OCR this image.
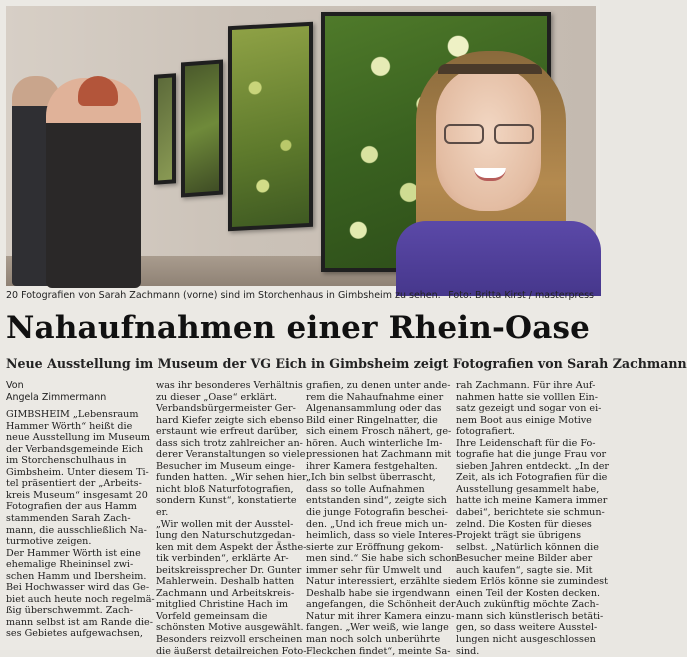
20 Fotografien von Sarah Zachmann (vorne) sind im Storchenhaus in Gimbsheim zu sehen. Foto: Britta Kirst / masterpress
Nahaufnahmen einer Rhein-Oase
Neue Ausstellung im Museum der VG Eich in Gimbsheim zeigt Fotografien von Sarah Zachmann
Von
Angela Zimmermann
GIMBSHEIM „Lebensraum
Hammer Wörth“ heißt die
neue Ausstellung im Museum
der Verbandsgemeinde Eich
im Storchenschulhaus in
Gimbsheim. Unter diesem Ti-
tel präsentiert der „Arbeits-
kreis Museum“ insgesamt 20
Fotografien der aus Hamm
stammenden Sarah Zach-
mann, die ausschließlich Na-
turmotive zeigen.
Der Hammer Wörth ist eine
ehemalige Rheininsel zwi-
schen Hamm und Ibersheim.
Bei Hochwasser wird das Ge-
biet auch heute noch regelmä-
ßig überschwemmt. Zach-
mann selbst ist am Rande die-
ses Gebietes aufgewachsen,
was ihr besonderes Verhältnis
zu dieser „Oase“ erklärt.
Verbandsbürgermeister Ger-
hard Kiefer zeigte sich ebenso
erstaunt wie erfreut darüber,
dass sich trotz zahlreicher an-
derer Veranstaltungen so viele
Besucher im Museum einge-
funden hatten. „Wir sehen hier
nicht bloß Naturfotografien,
sondern Kunst“, konstatierte
er.
„Wir wollen mit der Ausstel-
lung den Naturschutzgedan-
ken mit dem Aspekt der Ästhe-
tik verbinden“, erklärte Ar-
beitskreissprecher Dr. Gunter
Mahlerwein. Deshalb hatten
Zachmann und Arbeitskreis-
mitglied Christine Hach im
Vorfeld gemeinsam die
schönsten Motive ausgewählt.
Besonders reizvoll erscheinen
die äußerst detailreichen Foto-
grafien, zu denen unter ande-
rem die Nahaufnahme einer
Algenansammlung oder das
Bild einer Ringelnatter, die
sich einem Frosch nähert, ge-
hören. Auch winterliche Im-
pressionen hat Zachmann mit
ihrer Kamera festgehalten.
„Ich bin selbst überrascht,
dass so tolle Aufnahmen
entstanden sind“, zeigte sich
die junge Fotografin beschei-
den. „Und ich freue mich un-
heimlich, dass so viele Interes-
sierte zur Eröffnung gekom-
men sind.“ Sie habe sich schon
immer sehr für Umwelt und
Natur interessiert, erzählte sie.
Deshalb habe sie irgendwann
angefangen, die Schönheit der
Natur mit ihrer Kamera einzu-
fangen. „Wer weiß, wie lange
man noch solch unberührte
Fleckchen findet“, meinte Sa-
rah Zachmann. Für ihre Auf-
nahmen hatte sie volllen Ein-
satz gezeigt und sogar von ei-
nem Boot aus einige Motive
fotografiert.
Ihre Leidenschaft für die Fo-
tografie hat die junge Frau vor
sieben Jahren entdeckt. „In der
Zeit, als ich Fotografien für die
Ausstellung gesammelt habe,
hatte ich meine Kamera immer
dabei“, berichtete sie schmun-
zelnd. Die Kosten für dieses
Projekt trägt sie übrigens
selbst. „Natürlich können die
Besucher meine Bilder aber
auch kaufen“, sagte sie. Mit
dem Erlös könne sie zumindest
einen Teil der Kosten decken.
Auch zukünftig möchte Zach-
mann sich künstlerisch betäti-
gen, so dass weitere Ausstel-
lungen nicht ausgeschlossen
sind.
